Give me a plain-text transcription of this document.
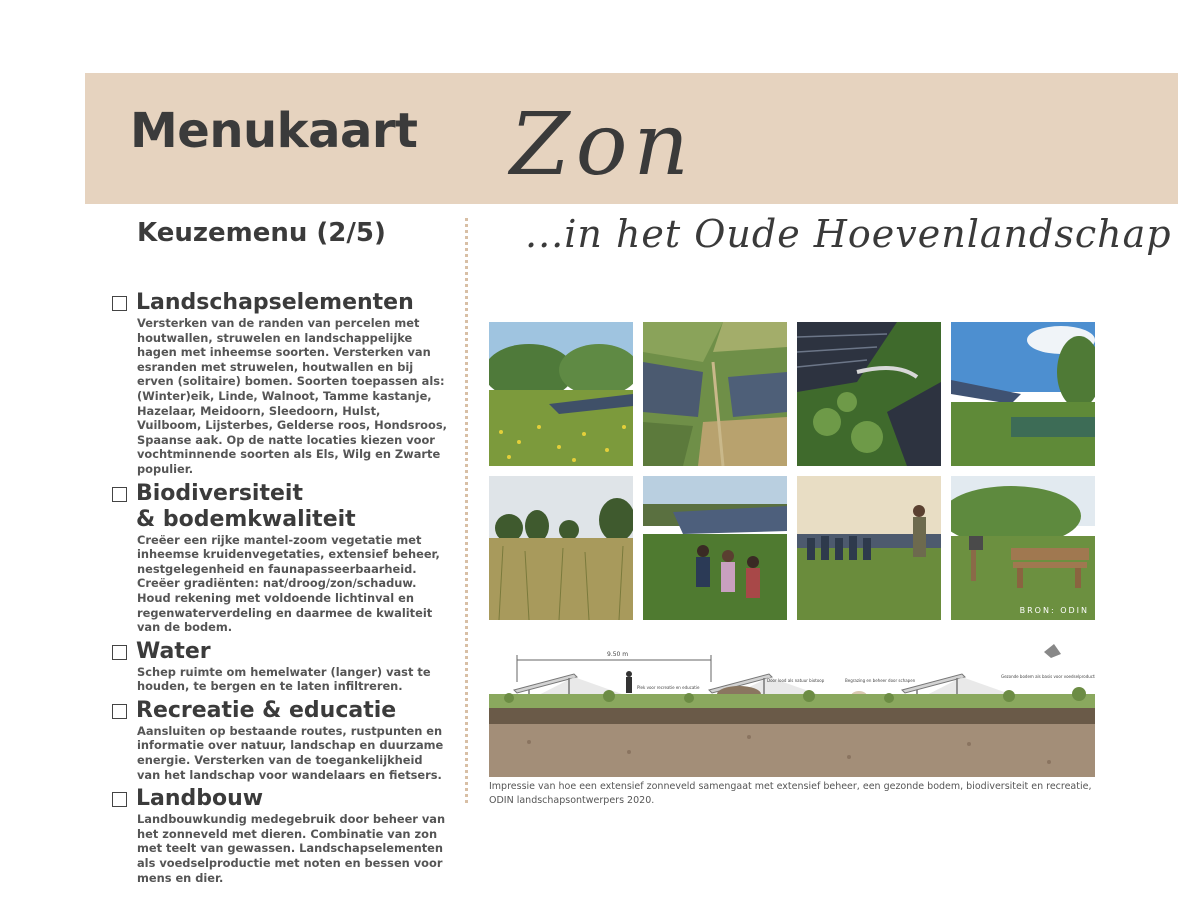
Menukaart Zon
...in het Oude Hoevenlandschap
Keuzemenu (2/5)
Landschapselementen
Versterken van de randen van percelen met houtwallen, struwelen en landschappelijke hagen met inheemse soorten. Versterken van esranden met struwelen, houtwallen en bij erven (solitaire) bomen. Soorten toepassen als: (Winter)eik, Linde, Walnoot, Tamme kastanje, Hazelaar, Meidoorn, Sleedoorn, Hulst, Vuilboom, Lijsterbes, Gelderse roos, Hondsroos, Spaanse aak. Op de natte locaties kiezen voor vochtminnende soorten als Els, Wilg en Zwarte populier.
Biodiversiteit
& bodemkwaliteit
Creëer een rijke mantel-zoom vegetatie met inheemse kruidenvegetaties, extensief beheer, nestgelegenheid en faunapasseerbaarheid. Creëer gradiënten: nat/droog/zon/schaduw. Houd rekening met voldoende lichtinval en regenwaterverdeling en daarmee de kwaliteit van de bodem.
Water
Schep ruimte om hemelwater (langer) vast te houden, te bergen en te laten infiltreren.
Recreatie & educatie
Aansluiten op bestaande routes, rustpunten en informatie over natuur, landschap en duurzame energie. Versterken van de toegankelijkheid van het landschap voor wandelaars en fietsers.
Landbouw
Landbouwkundig medegebruik door beheer van het zonneveld met dieren. Combinatie van zon met teelt van gewassen. Landschapselementen als voedselproductie met noten en bessen voor mens en dier.
BRON: ODIN
9.50 m
Plek voor recreatie en educatie
Door lood als natuur biotoop	Begrazing en beheer door schapen
Gezonde bodem als basis voor voedselproductie
Impressie van hoe een extensief zonneveld samengaat met extensief beheer, een gezonde bodem, biodiversiteit en recreatie, ODIN landschapsontwerpers 2020.
